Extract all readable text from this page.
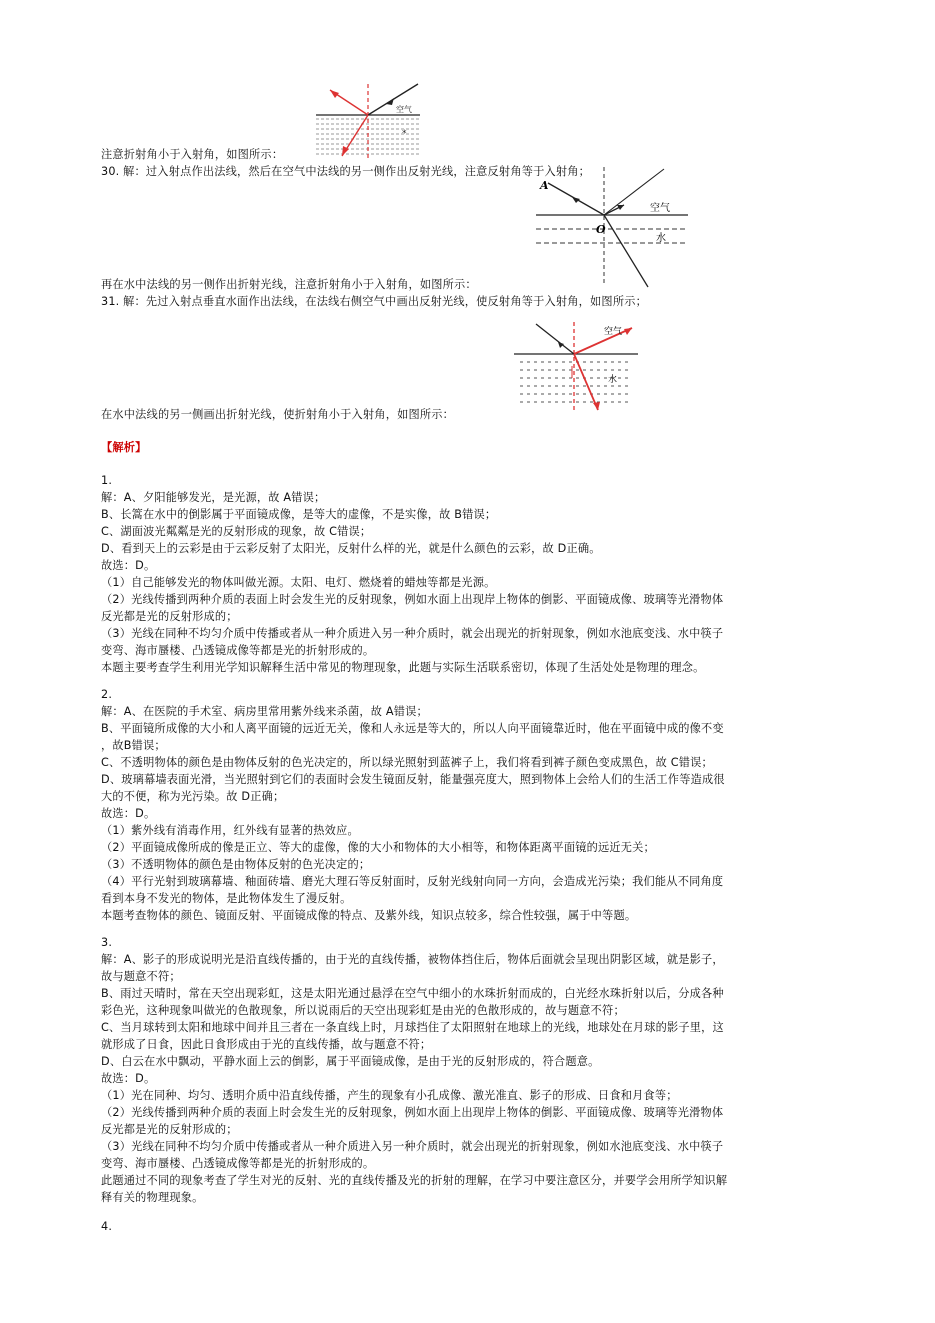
空气
*
A
O
空气
水
空气
水
注意折射角小于入射角，如图所示：
30. 解：过入射点作出法线，然后在空气中法线的另一侧作出反射光线，注意反射角等于入射角；
再在水中法线的另一侧作出折射光线，注意折射角小于入射角，如图所示：
31. 解：先过入射点垂直水面作出法线，在法线右侧空气中画出反射光线，使反射角等于入射角，如图所示；
在水中法线的另一侧画出折射光线，使折射角小于入射角，如图所示：
【解析】
1.
解：A、夕阳能够发光，是光源，故 A错误；
B、长篙在水中的倒影属于平面镜成像，是等大的虚像，不是实像，故 B错误；
C、湖面波光粼粼是光的反射形成的现象，故 C错误；
D、看到天上的云彩是由于云彩反射了太阳光，反射什么样的光，就是什么颜色的云彩，故 D正确。
故选：D。
（1）自己能够发光的物体叫做光源。太阳、电灯、燃烧着的蜡烛等都是光源。
（2）光线传播到两种介质的表面上时会发生光的反射现象，例如水面上出现岸上物体的倒影、平面镜成像、玻璃等光滑物体
反光都是光的反射形成的；
（3）光线在同种不均匀介质中传播或者从一种介质进入另一种介质时，就会出现光的折射现象，例如水池底变浅、水中筷子
变弯、海市蜃楼、凸透镜成像等都是光的折射形成的。
本题主要考查学生利用光学知识解释生活中常见的物理现象，此题与实际生活联系密切，体现了生活处处是物理的理念。
2.
解：A、在医院的手术室、病房里常用紫外线来杀菌，故 A错误；
B、平面镜所成像的大小和人离平面镜的远近无关，像和人永远是等大的，所以人向平面镜靠近时，他在平面镜中成的像不变
，故B错误；
C、不透明物体的颜色是由物体反射的色光决定的，所以绿光照射到蓝裤子上，我们将看到裤子颜色变成黑色，故 C错误；
D、玻璃幕墙表面光滑，当光照射到它们的表面时会发生镜面反射，能量强亮度大，照到物体上会给人们的生活工作等造成很
大的不便，称为光污染。故 D正确；
故选：D。
（1）紫外线有消毒作用，红外线有显著的热效应。
（2）平面镜成像所成的像是正立、等大的虚像，像的大小和物体的大小相等，和物体距离平面镜的远近无关；
（3）不透明物体的颜色是由物体反射的色光决定的；
（4）平行光射到玻璃幕墙、釉面砖墙、磨光大理石等反射面时，反射光线射向同一方向，会造成光污染；我们能从不同角度
看到本身不发光的物体，是此物体发生了漫反射。
本题考查物体的颜色、镜面反射、平面镜成像的特点、及紫外线，知识点较多，综合性较强，属于中等题。
3.
解：A、影子的形成说明光是沿直线传播的，由于光的直线传播，被物体挡住后，物体后面就会呈现出阴影区域，就是影子，
故与题意不符；
B、雨过天晴时，常在天空出现彩虹，这是太阳光通过悬浮在空气中细小的水珠折射而成的，白光经水珠折射以后，分成各种
彩色光，这种现象叫做光的色散现象，所以说雨后的天空出现彩虹是由光的色散形成的，故与题意不符；
C、当月球转到太阳和地球中间并且三者在一条直线上时，月球挡住了太阳照射在地球上的光线，地球处在月球的影子里，这
就形成了日食，因此日食形成由于光的直线传播，故与题意不符；
D、白云在水中飘动，平静水面上云的倒影，属于平面镜成像，是由于光的反射形成的，符合题意。
故选：D。
（1）光在同种、均匀、透明介质中沿直线传播，产生的现象有小孔成像、激光准直、影子的形成、日食和月食等；
（2）光线传播到两种介质的表面上时会发生光的反射现象，例如水面上出现岸上物体的倒影、平面镜成像、玻璃等光滑物体
反光都是光的反射形成的；
（3）光线在同种不均匀介质中传播或者从一种介质进入另一种介质时，就会出现光的折射现象，例如水池底变浅、水中筷子
变弯、海市蜃楼、凸透镜成像等都是光的折射形成的。
此题通过不同的现象考查了学生对光的反射、光的直线传播及光的折射的理解，在学习中要注意区分，并要学会用所学知识解
释有关的物理现象。
4.
